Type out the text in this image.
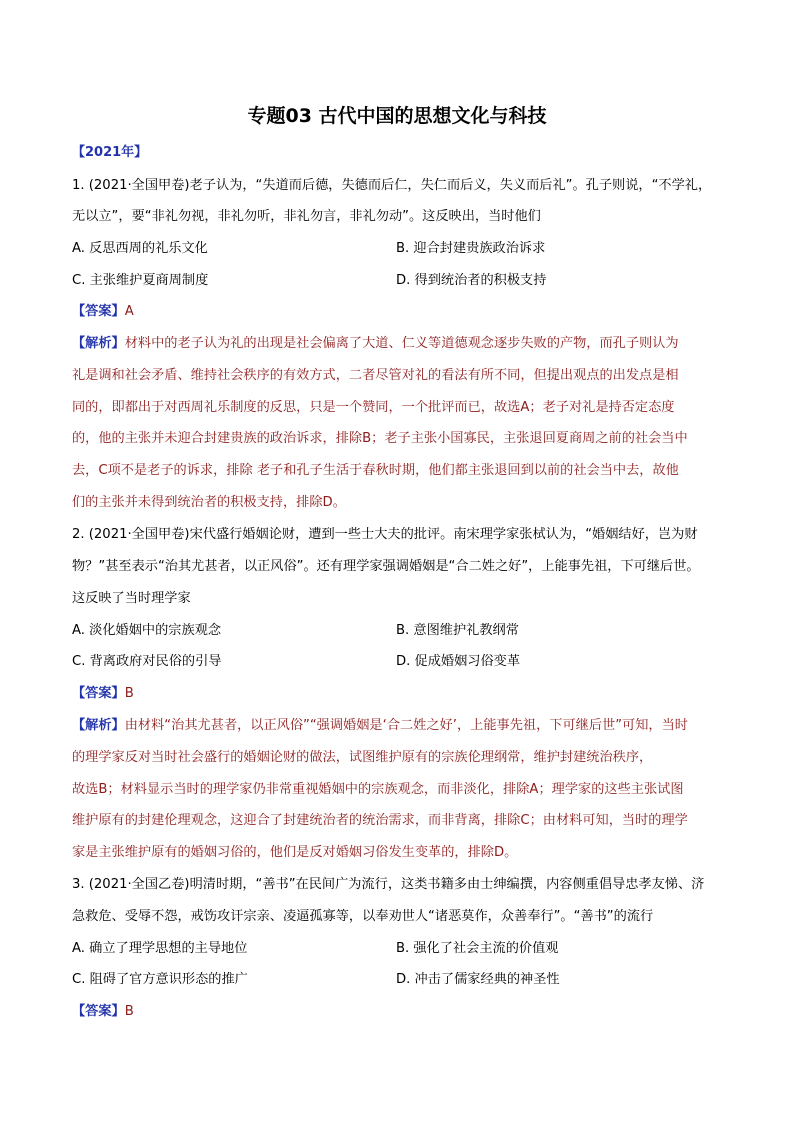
专题03 古代中国的思想文化与科技
【2021年】
1. (2021·全国甲卷)老子认为，“失道而后德，失德而后仁，失仁而后义，失义而后礼”。孔子则说，“不学礼，
无以立”，要“非礼勿视，非礼勿听，非礼勿言，非礼勿动”。这反映出，当时他们
A. 反思西周的礼乐文化	B. 迎合封建贵族政治诉求
C. 主张维护夏商周制度	D. 得到统治者的积极支持
【答案】A
【解析】材料中的老子认为礼的出现是社会偏离了大道、仁义等道德观念逐步失败的产物，而孔子则认为
礼是调和社会矛盾、维持社会秩序的有效方式，二者尽管对礼的看法有所不同，但提出观点的出发点是相
同的，即都出于对西周礼乐制度的反思，只是一个赞同，一个批评而已，故选A；老子对礼是持否定态度
的，他的主张并未迎合封建贵族的政治诉求，排除B；老子主张小国寡民，主张退回夏商周之前的社会当中
去，C项不是老子的诉求，排除 老子和孔子生活于春秋时期，他们都主张退回到以前的社会当中去，故他
们的主张并未得到统治者的积极支持，排除D。
2. (2021·全国甲卷)宋代盛行婚姻论财，遭到一些士大夫的批评。南宋理学家张栻认为，“婚姻结好，岂为财
物？”甚至表示“治其尤甚者，以正风俗”。还有理学家强调婚姻是“合二姓之好”，上能事先祖，下可继后世。
这反映了当时理学家
A. 淡化婚姻中的宗族观念	B. 意图维护礼教纲常
C. 背离政府对民俗的引导	D. 促成婚姻习俗变革
【答案】B
【解析】由材料“治其尤甚者，以正风俗”“强调婚姻是‘合二姓之好’，上能事先祖，下可继后世”可知，当时
的理学家反对当时社会盛行的婚姻论财的做法，试图维护原有的宗族伦理纲常，维护封建统治秩序，
故选B；材料显示当时的理学家仍非常重视婚姻中的宗族观念，而非淡化，排除A；理学家的这些主张试图
维护原有的封建伦理观念，这迎合了封建统治者的统治需求，而非背离，排除C；由材料可知，当时的理学
家是主张维护原有的婚姻习俗的，他们是反对婚姻习俗发生变革的，排除D。
3. (2021·全国乙卷)明清时期，“善书”在民间广为流行，这类书籍多由士绅编撰，内容侧重倡导忠孝友悌、济
急救危、受辱不怨，戒饬攻讦宗亲、凌逼孤寡等，以奉劝世人“诸恶莫作，众善奉行”。“善书”的流行
A. 确立了理学思想的主导地位	B. 强化了社会主流的价值观
C. 阻碍了官方意识形态的推广	D. 冲击了儒家经典的神圣性
【答案】B
